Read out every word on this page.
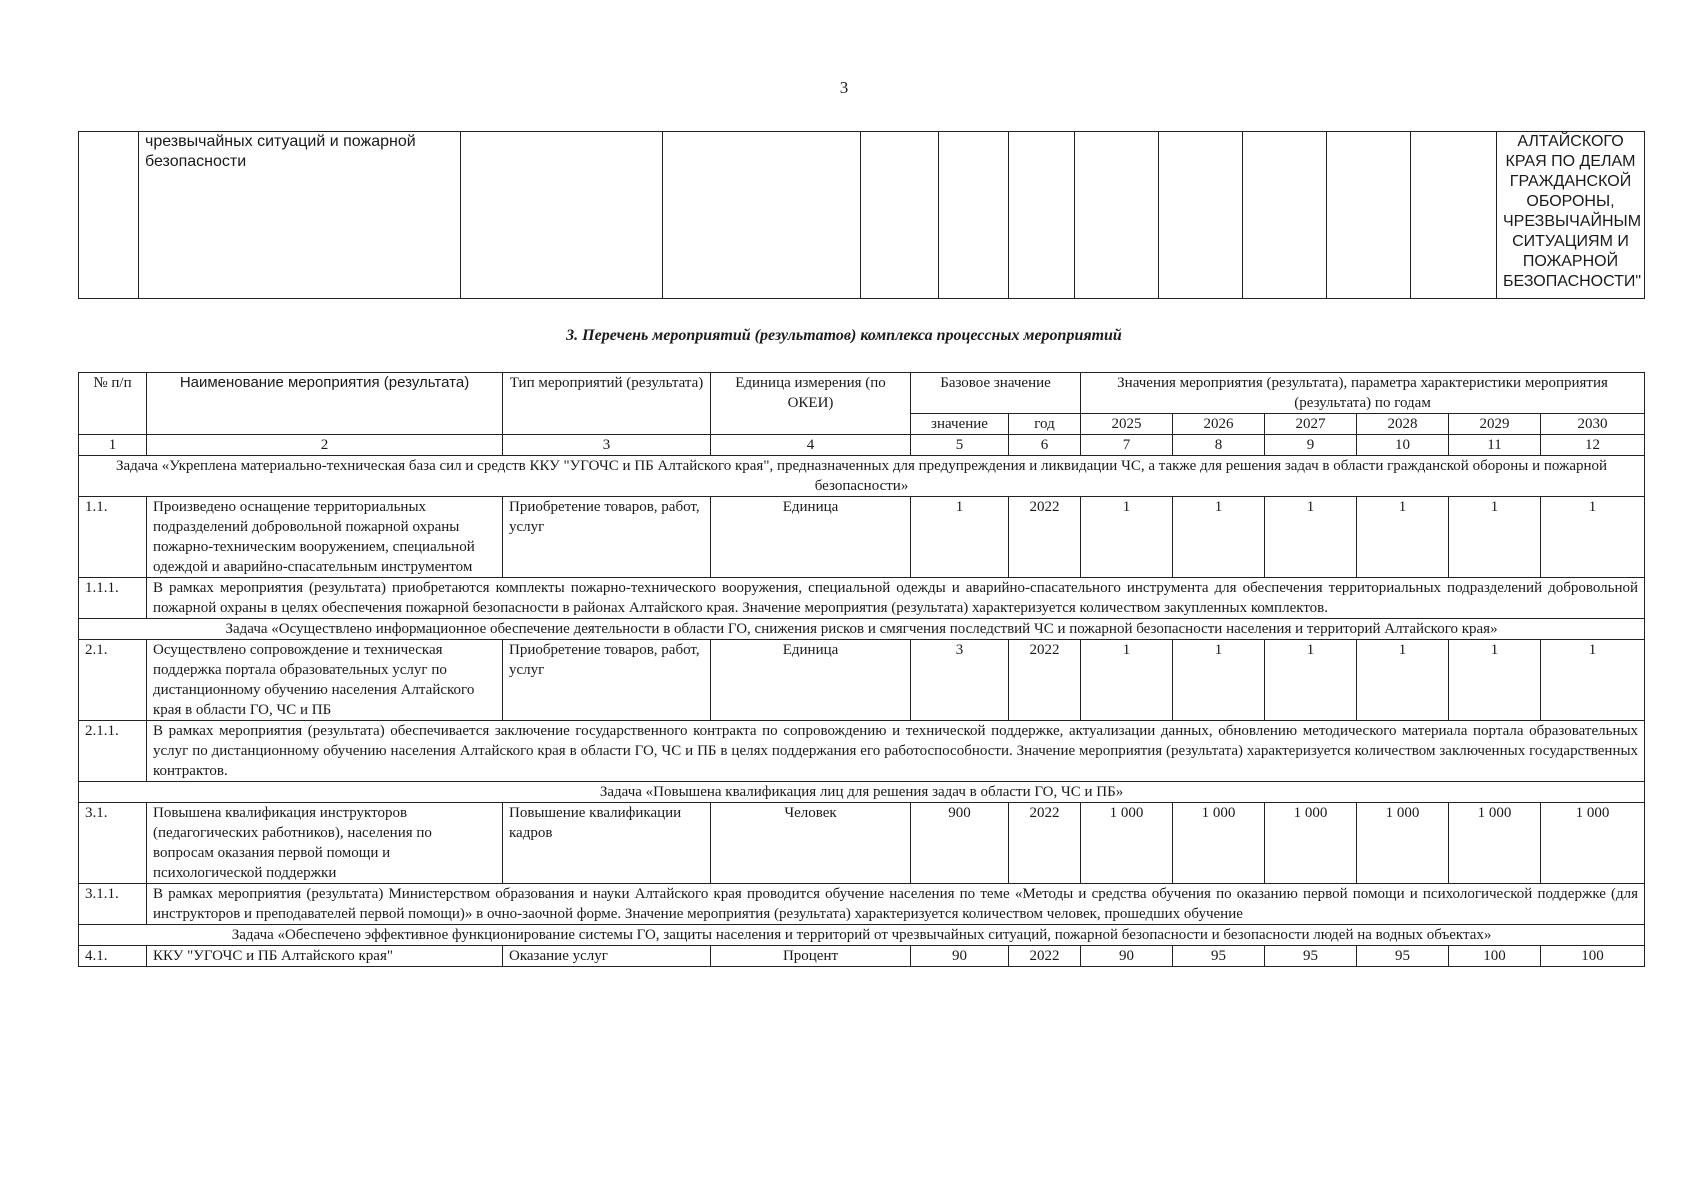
3
	чрезвычайных ситуаций и пожарной безопасности											АЛТАЙСКОГО КРАЯ ПО ДЕЛАМ ГРАЖДАНСКОЙ ОБОРОНЫ, ЧРЕЗВЫЧАЙНЫМ СИТУАЦИЯМ И ПОЖАРНОЙ БЕЗОПАСНОСТИ"
3. Перечень мероприятий (результатов) комплекса процессных мероприятий
№ п/п	Наименование мероприятия (результата)	Тип мероприятий (результата)	Единица измерения (по ОКЕИ)	Базовое значение		Значения мероприятия (результата), параметра характеристики мероприятия (результата) по годам					
				значение	год	2025	2026	2027	2028	2029	2030
1	2	3	4	5	6	7	8	9	10	11	12
Задача «Укреплена материально-техническая база сил и средств ККУ "УГОЧС и ПБ Алтайского края", предназначенных для предупреждения и ликвидации ЧС, а также для решения задач в области гражданской обороны и пожарной безопасности»											
1.1.	Произведено оснащение территориальных подразделений добровольной пожарной охраны пожарно-техническим вооружением, специальной одеждой и аварийно-спасательным инструментом	Приобретение товаров, работ, услуг	Единица	1	2022	1	1	1	1	1	1
1.1.1.	В рамках мероприятия (результата) приобретаются комплекты пожарно-технического вооружения, специальной одежды и аварийно-спасательного инструмента для обеспечения территориальных подразделений добровольной пожарной охраны в целях обеспечения пожарной безопасности в районах Алтайского края. Значение мероприятия (результата) характеризуется количеством закупленных комплектов.										
Задача «Осуществлено информационное обеспечение деятельности в области ГО, снижения рисков и смягчения последствий ЧС и пожарной безопасности населения и территорий Алтайского края»											
2.1.	Осуществлено сопровождение и техническая поддержка портала образовательных услуг по дистанционному обучению населения Алтайского края в области ГО, ЧС и ПБ	Приобретение товаров, работ, услуг	Единица	3	2022	1	1	1	1	1	1
2.1.1.	В рамках мероприятия (результата) обеспечивается заключение государственного контракта по сопровождению и технической поддержке, актуализации данных, обновлению методического материала портала образовательных услуг по дистанционному обучению населения Алтайского края в области ГО, ЧС и ПБ в целях поддержания его работоспособности. Значение мероприятия (результата) характеризуется количеством заключенных государственных контрактов.										
Задача «Повышена квалификация лиц для решения задач в области ГО, ЧС и ПБ»											
3.1.	Повышена квалификация инструкторов (педагогических работников), населения по вопросам оказания первой помощи и психологической поддержки	Повышение квалификации кадров	Человек	900	2022	1 000	1 000	1 000	1 000	1 000	1 000
3.1.1.	В рамках мероприятия (результата) Министерством образования и науки Алтайского края проводится обучение населения по теме «Методы и средства обучения по оказанию первой помощи и психологической поддержке (для инструкторов и преподавателей первой помощи)» в очно-заочной форме. Значение мероприятия (результата) характеризуется количеством человек, прошедших обучение										
Задача «Обеспечено эффективное функционирование системы ГО, защиты населения и территорий от чрезвычайных ситуаций, пожарной безопасности и безопасности людей на водных объектах»											
4.1.	ККУ "УГОЧС и ПБ Алтайского края"	Оказание услуг	Процент	90	2022	90	95	95	95	100	100
